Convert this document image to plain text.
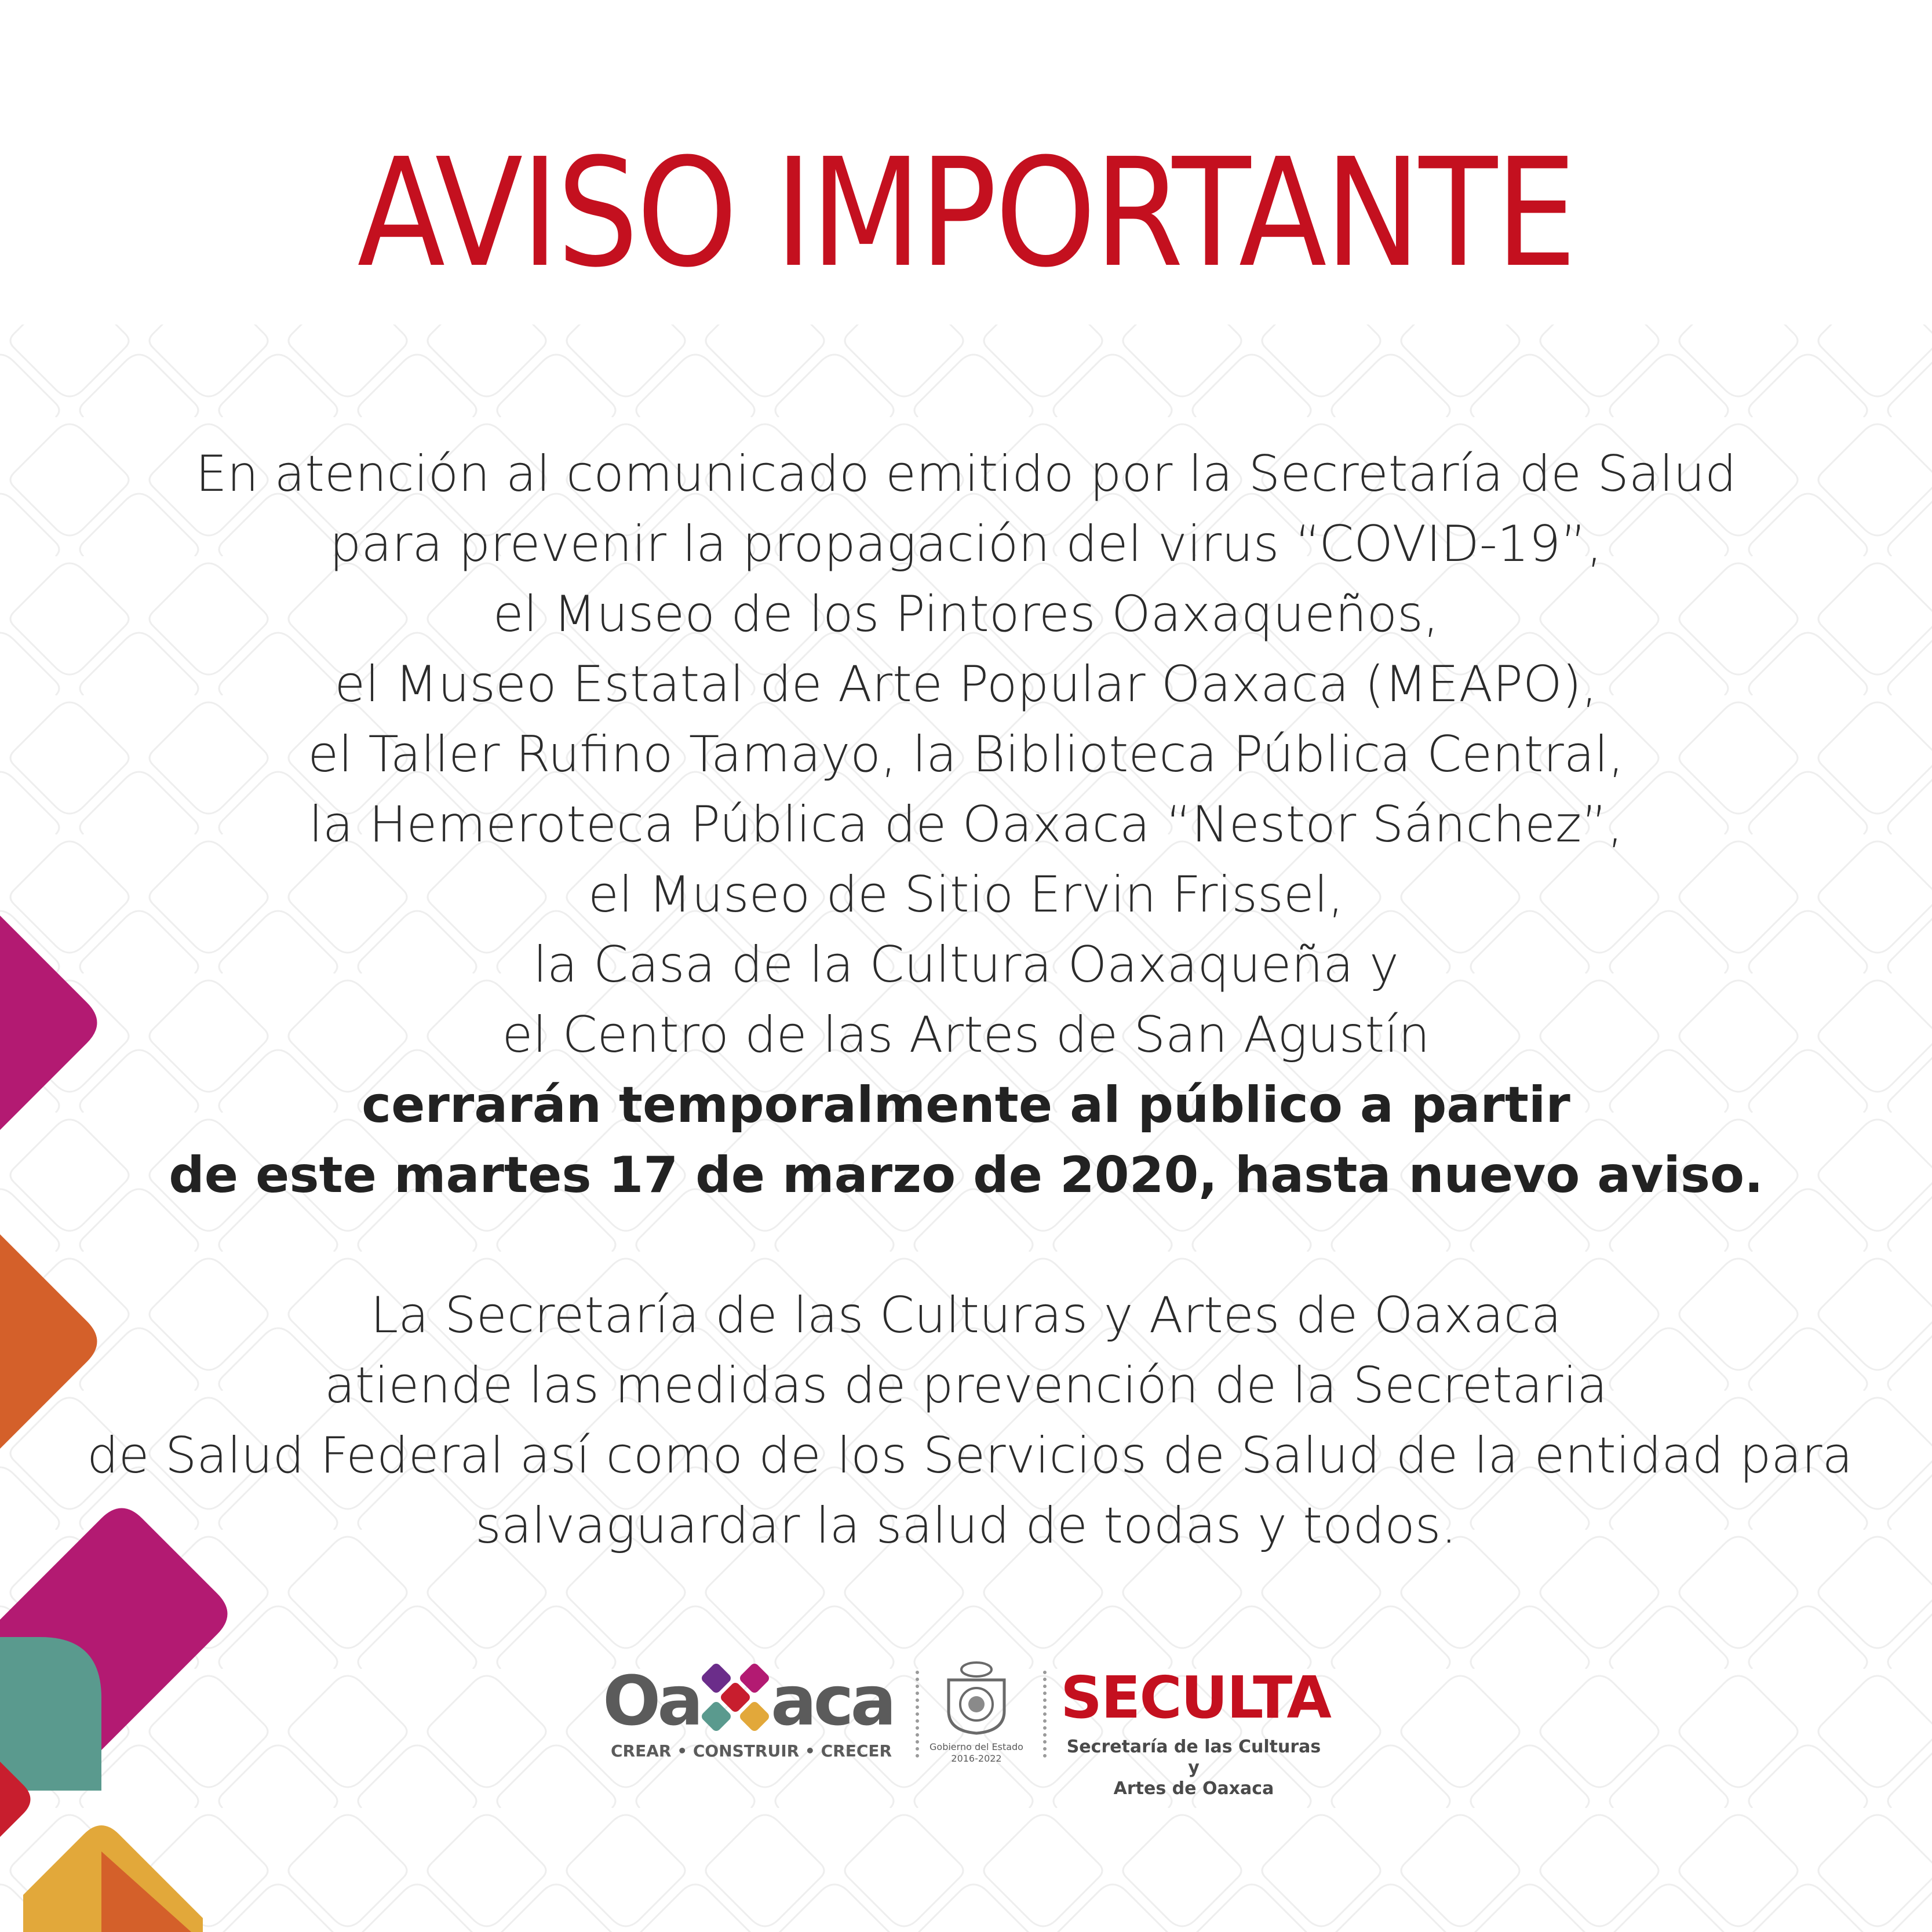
AVISO IMPORTANTE
En atención al comunicado emitido por la Secretaría de Salud
para prevenir la propagación del virus “COVID-19”,
el Museo de los Pintores Oaxaqueños,
el Museo Estatal de Arte Popular Oaxaca (MEAPO),
el Taller Rufino Tamayo, la Biblioteca Pública Central,
la Hemeroteca Pública de Oaxaca “Nestor Sánchez”,
el Museo de Sitio Ervin Frissel,
la Casa de la Cultura Oaxaqueña y
el Centro de las Artes de San Agustín
cerrarán temporalmente al público a partir
de este martes 17 de marzo de 2020, hasta nuevo aviso.
La Secretaría de las Culturas y Artes de Oaxaca
atiende las medidas de prevención de la Secretaria
de Salud Federal así como de los Servicios de Salud de la entidad para
salvaguardar la salud de todas y todos.
Oa aca
CREAR • CONSTRUIR • CRECER	Gobierno del Estado
2016-2022
SECULTA
Secretaría de las Culturas y
Artes de Oaxaca
